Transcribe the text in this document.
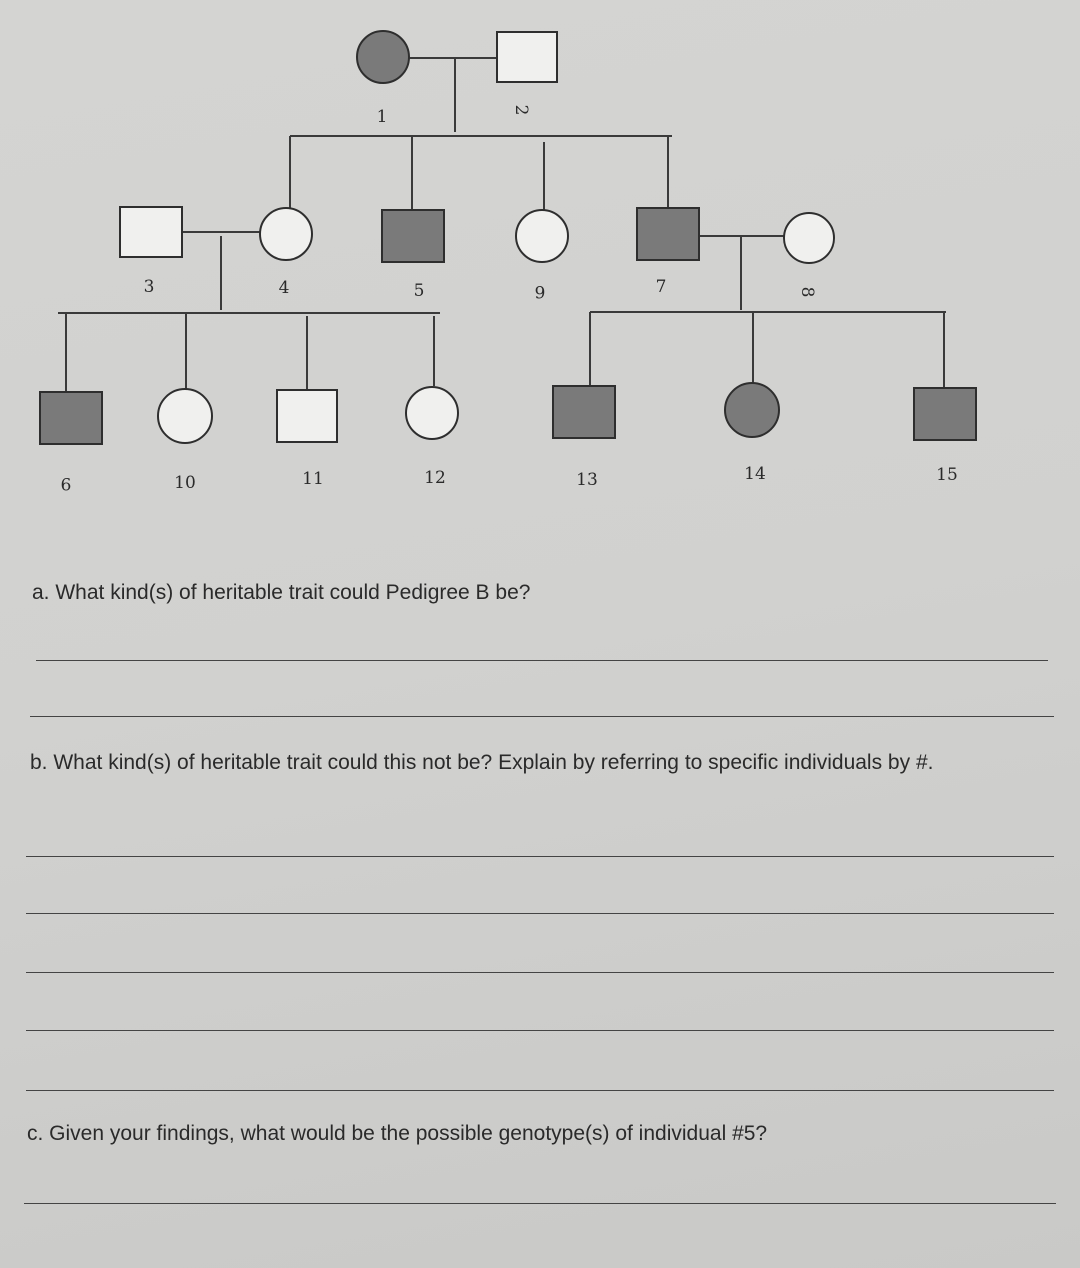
1	2
3	4	5	6	7	8
9	10	11	12	13	14	15

a. What kind(s) of heritable trait could Pedigree B be?

b. What kind(s) of heritable trait could this not be? Explain by referring to specific individuals by #.

c. Given your findings, what would be the possible genotype(s) of individual #5?
